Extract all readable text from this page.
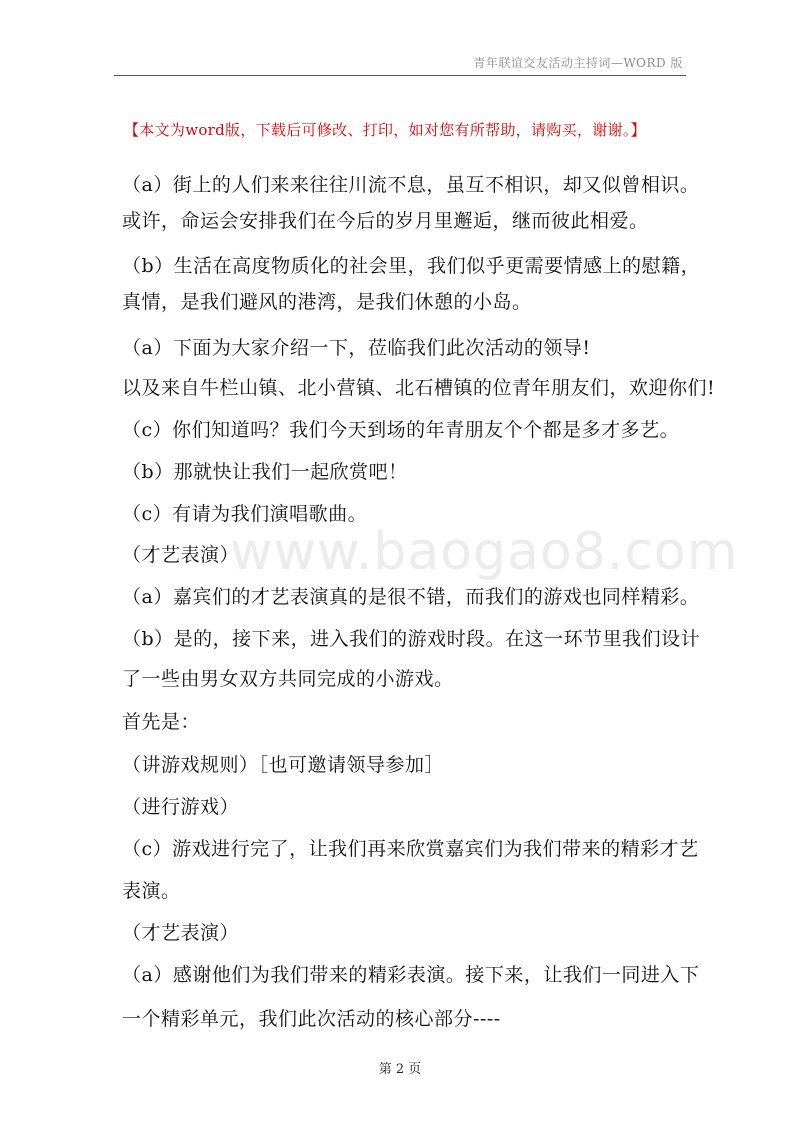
青年联谊交友活动主持词—WORD 版
【本文为word版，下载后可修改、打印，如对您有所帮助，请购买，谢谢。】
www.baogao8.com
（a）街上的人们来来往往川流不息，虽互不相识，却又似曾相识。
或许，命运会安排我们在今后的岁月里邂逅，继而彼此相爱。
（b）生活在高度物质化的社会里，我们似乎更需要情感上的慰籍，
真情，是我们避风的港湾，是我们休憩的小岛。
（a）下面为大家介绍一下，莅临我们此次活动的领导!
以及来自牛栏山镇、北小营镇、北石槽镇的位青年朋友们，欢迎你们!
（c）你们知道吗？我们今天到场的年青朋友个个都是多才多艺。
（b）那就快让我们一起欣赏吧！
（c）有请为我们演唱歌曲。
（才艺表演）
（a）嘉宾们的才艺表演真的是很不错，而我们的游戏也同样精彩。
（b）是的，接下来，进入我们的游戏时段。在这一环节里我们设计
了一些由男女双方共同完成的小游戏。
首先是：
（讲游戏规则）［也可邀请领导参加］
（进行游戏）
（c）游戏进行完了，让我们再来欣赏嘉宾们为我们带来的精彩才艺
表演。
（才艺表演）
（a）感谢他们为我们带来的精彩表演。接下来，让我们一同进入下
一个精彩单元，我们此次活动的核心部分----
第 2 页
